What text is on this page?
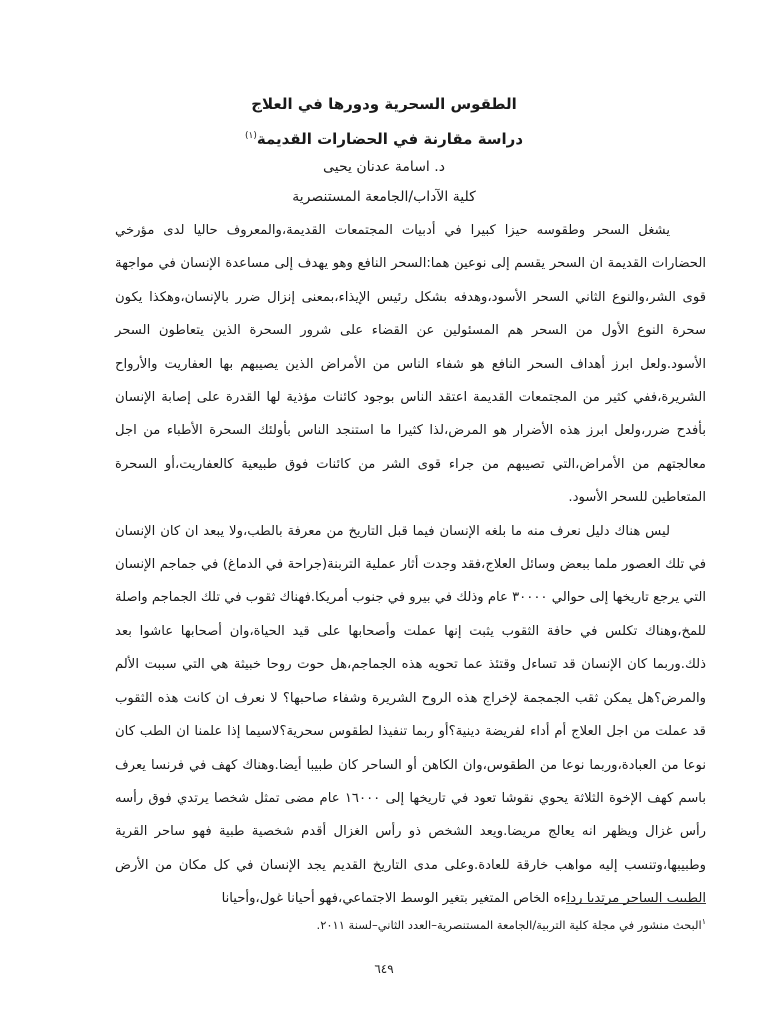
الطقوس السحرية ودورها في العلاج
دراسة مقارنة في الحضارات القديمة$^{(١)}$
د. اسامة عدنان يحيى
كلية الآداب/الجامعة المستنصرية

يشغل السحر وطقوسه حيزا كبيرا في أدبيات المجتمعات القديمة،والمعروف حاليا لدى مؤرخي الحضارات القديمة ان السحر يقسم إلى نوعين هما:السحر النافع وهو يهدف إلى مساعدة الإنسان في مواجهة قوى الشر،والنوع الثاني السحر الأسود،وهدفه بشكل رئيس الإيذاء،بمعنى إنزال ضرر بالإنسان،وهكذا يكون سحرة النوع الأول من السحر هم المسئولين عن القضاء على شرور السحرة الذين يتعاطون السحر الأسود.ولعل ابرز أهداف السحر النافع هو شفاء الناس من الأمراض الذين يصيبهم بها العفاريت والأرواح الشريرة،ففي كثير من المجتمعات القديمة اعتقد الناس بوجود كائنات مؤذية لها القدرة على إصابة الإنسان بأفدح ضرر،ولعل ابرز هذه الأضرار هو المرض،لذا كثيرا ما استنجد الناس بأولئك السحرة الأطباء من اجل معالجتهم من الأمراض،التي تصيبهم من جراء قوى الشر من كائنات فوق طبيعية كالعفاريت،أو السحرة المتعاطين للسحر الأسود.

ليس هناك دليل نعرف منه ما بلغه الإنسان فيما قبل التاريخ من معرفة بالطب،ولا يبعد ان كان الإنسان في تلك العصور ملما ببعض وسائل العلاج،فقد وجدت أثار عملية التربنة(جراحة في الدماغ) في جماجم الإنسان التي يرجع تاريخها إلى حوالي ٣٠٠٠٠ عام وذلك في بيرو في جنوب أمريكا.فهناك ثقوب في تلك الجماجم واصلة للمخ،وهناك تكلس في حافة الثقوب يثبت إنها عملت وأصحابها على قيد الحياة،وان أصحابها عاشوا بعد ذلك.وربما كان الإنسان قد تساءل وقتئذ عما تحويه هذه الجماجم،هل حوت روحا خبيثة هي التي سببت الألم والمرض؟هل يمكن ثقب الجمجمة لإخراج هذه الروح الشريرة وشفاء صاحبها؟ لا نعرف ان كانت هذه الثقوب قد عملت من اجل العلاج أم أداء لفريضة دينية؟أو ربما تنفيذا لطقوس سحرية؟لاسيما إذا علمنا ان الطب كان نوعا من العبادة،وربما نوعا من الطقوس،وان الكاهن أو الساحر كان طبيبا أيضا.وهناك كهف في فرنسا يعرف باسم كهف الإخوة الثلاثة يحوي نقوشا تعود في تاريخها إلى ١٦٠٠٠ عام مضى تمثل شخصا يرتدي فوق رأسه رأس غزال ويظهر انه يعالج مريضا.ويعد الشخص ذو رأس الغزال أقدم شخصية طبية فهو ساحر القرية وطبيبها،وتنسب إليه مواهب خارقة للعادة.وعلى مدى التاريخ القديم يجد الإنسان في كل مكان من الأرض الطبيب الساحر مرتديا رداءه الخاص المتغير بتغير الوسط الاجتماعي،فهو أحيانا غول،وأحيانا

$^١$البحث منشور في مجلة كلية التربية/الجامعة المستنصرية–العدد الثاني–لسنة ٢٠١١.
٦٤٩
